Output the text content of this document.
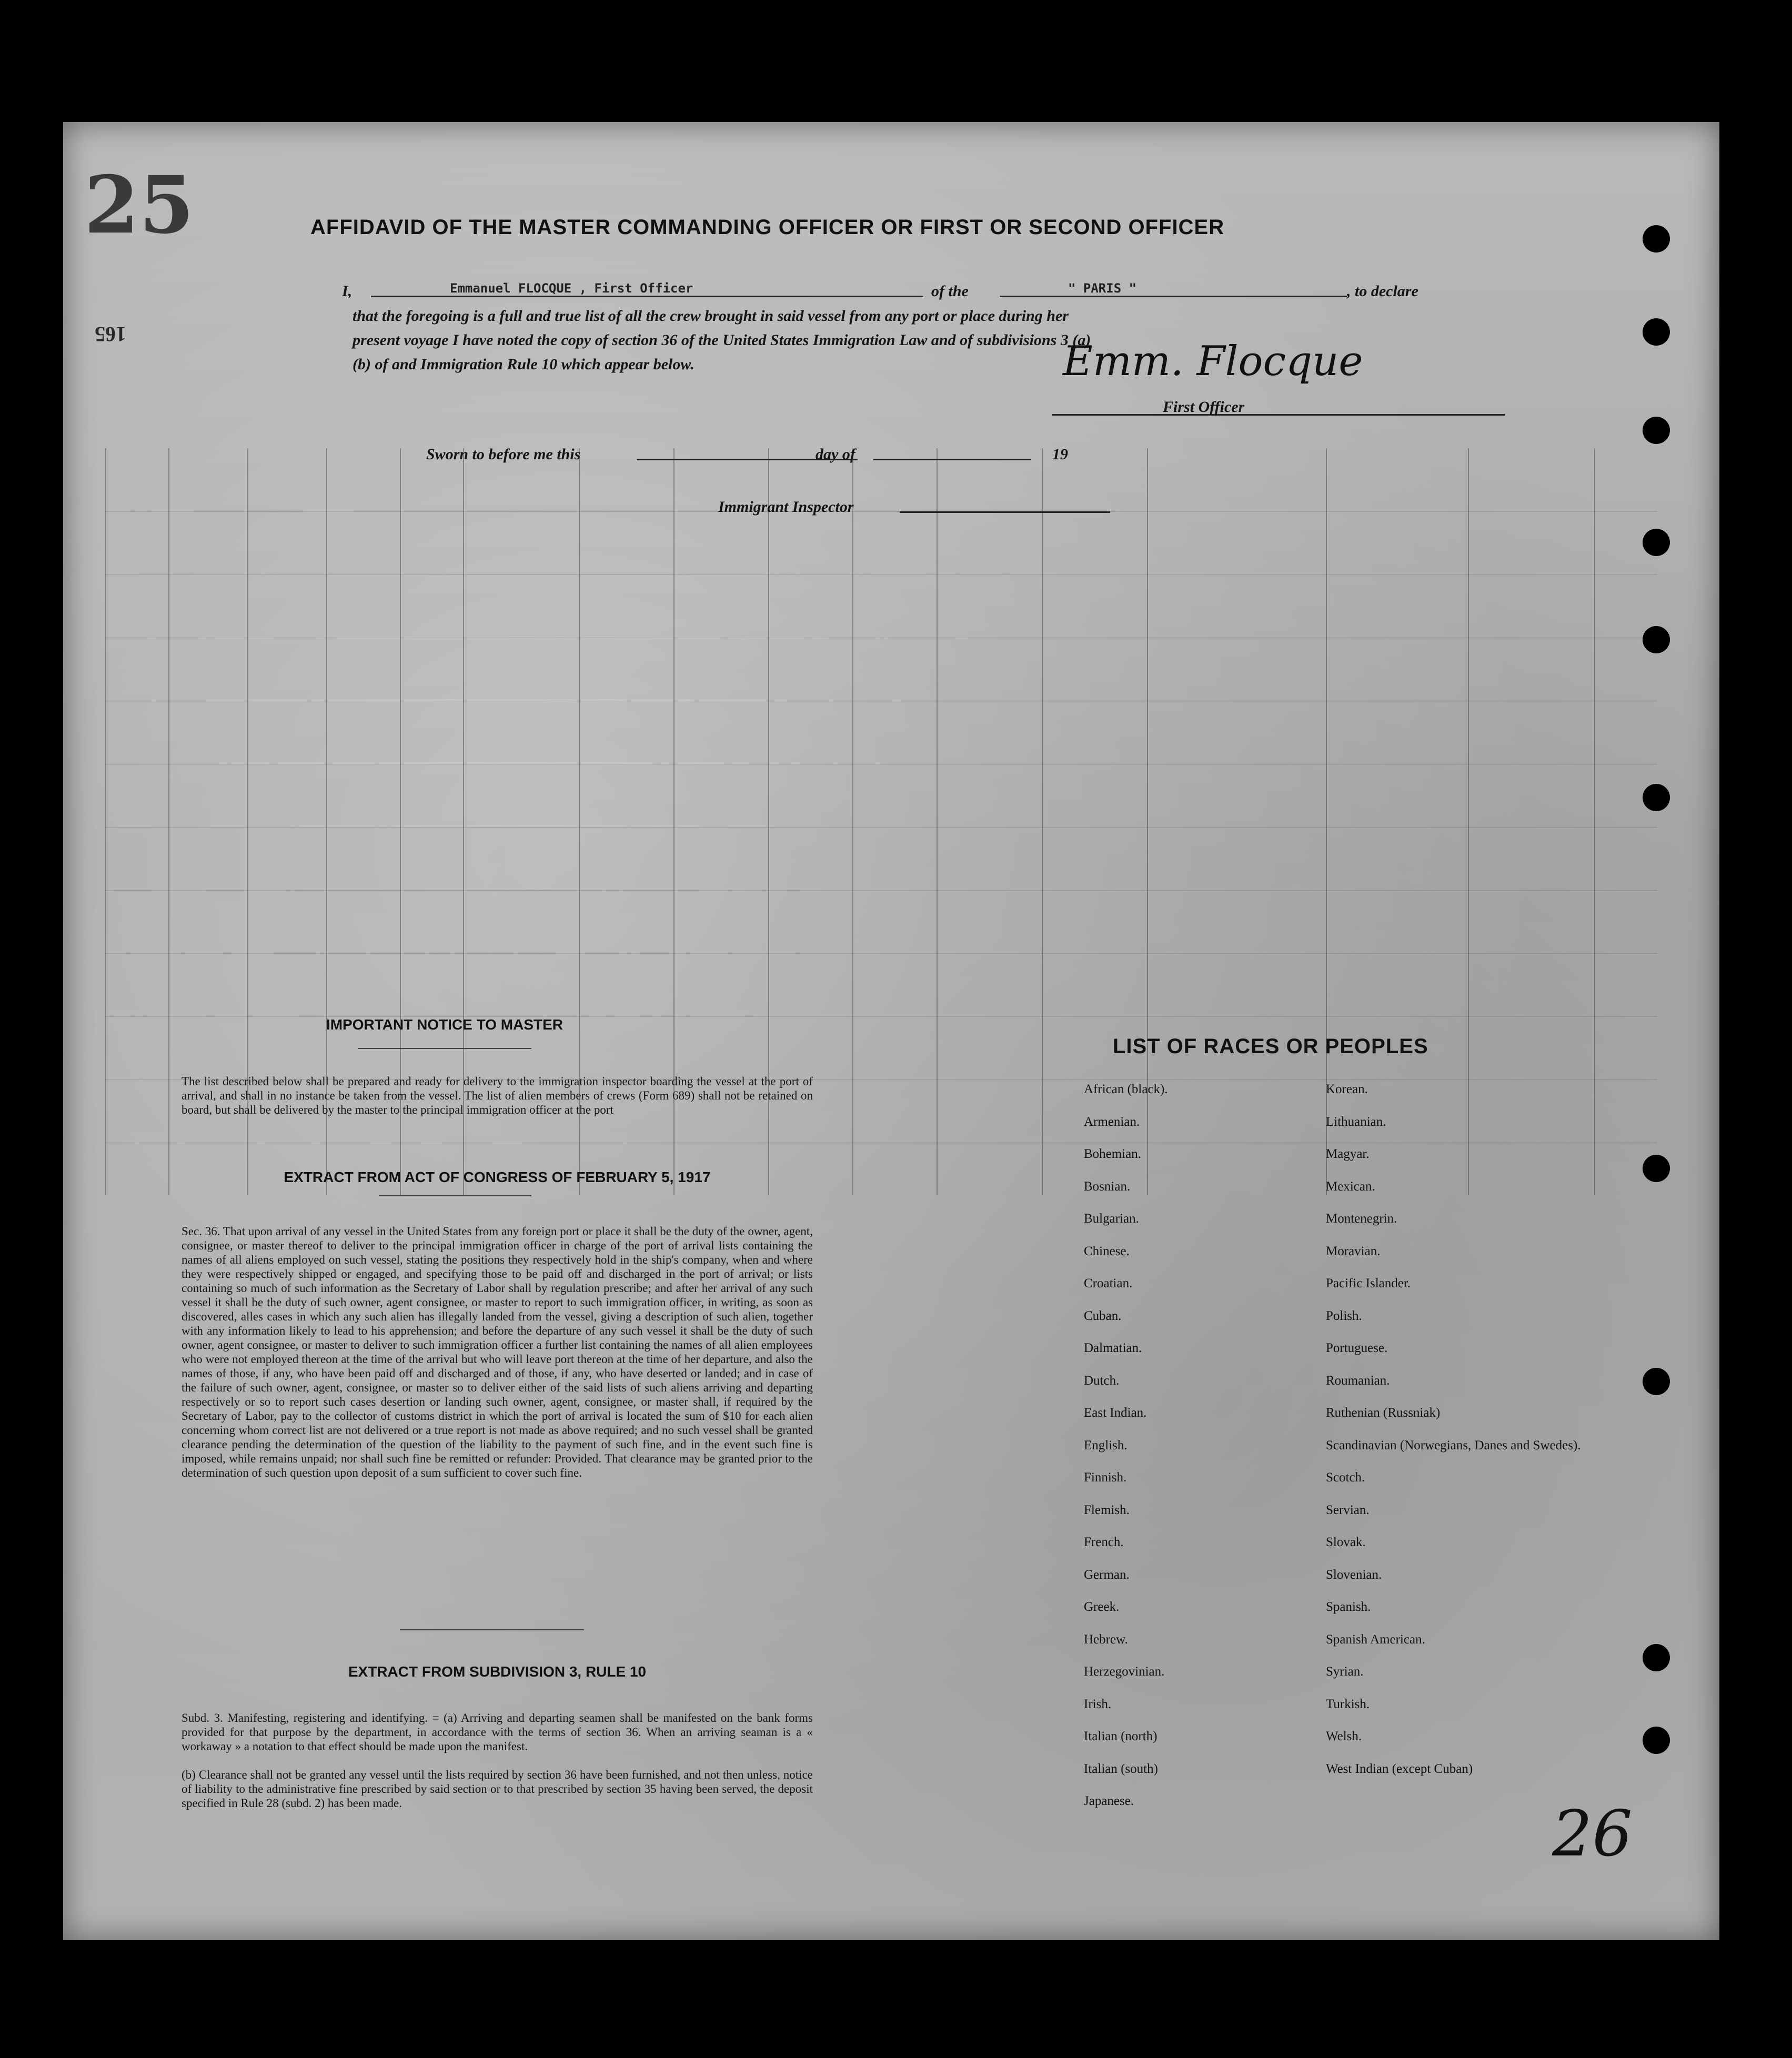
25
165
AFFIDAVID OF THE MASTER COMMANDING OFFICER OR FIRST OR SECOND OFFICER
I,	Emmanuel FLOCQUE , First Officer	of the	" PARIS "	, to declare
that the foregoing is a full and true list of all the crew brought in said vessel from any port or place during her
present voyage I have noted the copy of section 36 of the United States Immigration Law and of subdivisions 3 (a)
(b) of and Immigration Rule 10 which appear below.	Emm. Flocque
First Officer
Sworn to before me this	day of	19
Immigrant Inspector
IMPORTANT NOTICE TO MASTER
The list described below shall be prepared and ready for delivery to the immigration inspector boarding the vessel at the port of arrival, and shall in no instance be taken from the vessel. The list of alien members of crews (Form 689) shall not be retained on board, but shall be delivered by the master to the principal immigration officer at the port
EXTRACT FROM ACT OF CONGRESS OF FEBRUARY 5, 1917
Sec. 36. That upon arrival of any vessel in the United States from any foreign port or place it shall be the duty of the owner, agent, consignee, or master thereof to deliver to the principal immigration officer in charge of the port of arrival lists containing the names of all aliens employed on such vessel, stating the positions they respectively hold in the ship's company, when and where they were respectively shipped or engaged, and specifying those to be paid off and discharged in the port of arrival; or lists containing so much of such information as the Secretary of Labor shall by regulation prescribe; and after her arrival of any such vessel it shall be the duty of such owner, agent consignee, or master to report to such immigration officer, in writing, as soon as discovered, alles cases in which any such alien has illegally landed from the vessel, giving a description of such alien, together with any information likely to lead to his apprehension; and before the departure of any such vessel it shall be the duty of such owner, agent consignee, or master to deliver to such immigration officer a further list containing the names of all alien employees who were not employed thereon at the time of the arrival but who will leave port thereon at the time of her departure, and also the names of those, if any, who have been paid off and discharged and of those, if any, who have deserted or landed; and in case of the failure of such owner, agent, consignee, or master so to deliver either of the said lists of such aliens arriving and departing respectively or so to report such cases desertion or landing such owner, agent, consignee, or master shall, if required by the Secretary of Labor, pay to the collector of customs district in which the port of arrival is located the sum of $10 for each alien concerning whom correct list are not delivered or a true report is not made as above required; and no such vessel shall be granted clearance pending the determination of the question of the liability to the payment of such fine, and in the event such fine is imposed, while remains unpaid; nor shall such fine be remitted or refunder: Provided. That clearance may be granted prior to the determination of such question upon deposit of a sum sufficient to cover such fine.
EXTRACT FROM SUBDIVISION 3, RULE 10
Subd. 3. Manifesting, registering and identifying. = (a) Arriving and departing seamen shall be manifested on the bank forms provided for that purpose by the department, in accordance with the terms of section 36. When an arriving seaman is a « workaway » a notation to that effect should be made upon the manifest.
(b) Clearance shall not be granted any vessel until the lists required by section 36 have been furnished, and not then unless, notice of liability to the administrative fine prescribed by said section or to that prescribed by section 35 having been served, the deposit specified in Rule 28 (subd. 2) has been made.
LIST OF RACES OR PEOPLES
African (black).
Armenian.
Bohemian.
Bosnian.
Bulgarian.
Chinese.
Croatian.
Cuban.
Dalmatian.
Dutch.
East Indian.
English.
Finnish.
Flemish.
French.
German.
Greek.
Hebrew.
Herzegovinian.
Irish.
Italian (north)
Italian (south)
Japanese.
Korean.
Lithuanian.
Magyar.
Mexican.
Montenegrin.
Moravian.
Pacific Islander.
Polish.
Portuguese.
Roumanian.
Ruthenian (Russniak)
Scandinavian (Norwegians, Danes and Swedes).
Scotch.
Servian.
Slovak.
Slovenian.
Spanish.
Spanish American.
Syrian.
Turkish.
Welsh.
West Indian (except Cuban)
26
